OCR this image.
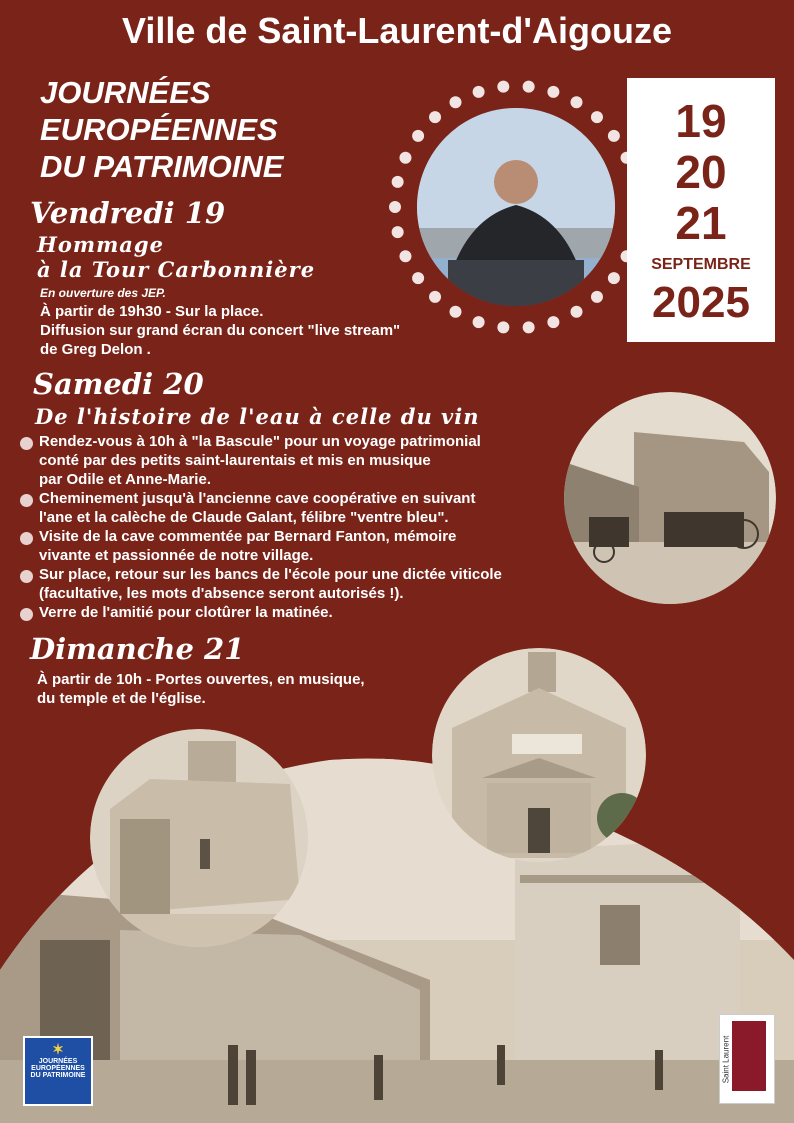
19
20
21
SEPTEMBRE
2025
Ville de Saint-Laurent-d'Aigouze
JOURNÉES
EUROPÉENNES
DU PATRIMOINE
Vendredi 19
Hommage
à la Tour Carbonnière
En ouverture des JEP.
À partir de 19h30 - Sur la place.
Diffusion sur grand écran du concert "live stream"
de Greg Delon .
Samedi 20
De l'histoire de l'eau à celle du vin
Rendez-vous à 10h à "la Bascule" pour un voyage patrimonial
conté par des petits saint-laurentais et mis en musique
par Odile et Anne-Marie.
Cheminement jusqu'à l'ancienne cave coopérative en suivant
l'ane et la calèche de Claude Galant, félibre "ventre bleu".
Visite de la cave commentée par Bernard Fanton, mémoire
vivante et passionnée de notre village.
Sur place, retour sur les bancs de l'école pour une dictée viticole
(facultative, les mots d'absence seront autorisés !).
Verre de l'amitié pour clotûrer la matinée.
Dimanche 21
À partir de 10h - Portes ouvertes, en musique,
du temple et de l'église.
✶
JOURNÉES
EUROPÉENNES
DU PATRIMOINE	Saint Laurent
